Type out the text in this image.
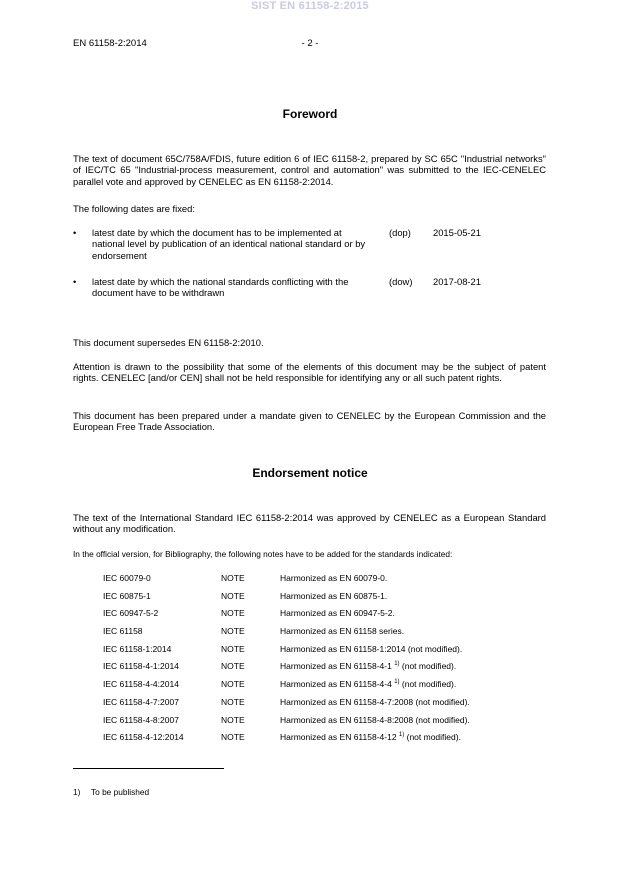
SIST EN 61158-2:2015
EN 61158-2:2014	- 2 -
Foreword
The text of document 65C/758A/FDIS, future edition 6 of IEC 61158-2, prepared by SC 65C "Industrial networks" of IEC/TC 65 "Industrial-process measurement, control and automation" was submitted to the IEC-CENELEC parallel vote and approved by CENELEC as EN 61158-2:2014.
The following dates are fixed:
• latest date by which the document has to be implemented at national level by publication of an identical national standard or by endorsement
(dop) 2015-05-21
• latest date by which the national standards conflicting with the document have to be withdrawn
(dow) 2017-08-21
This document supersedes EN 61158-2:2010.
Attention is drawn to the possibility that some of the elements of this document may be the subject of patent rights. CENELEC [and/or CEN] shall not be held responsible for identifying any or all such patent rights.
This document has been prepared under a mandate given to CENELEC by the European Commission and the European Free Trade Association.
Endorsement notice
The text of the International Standard IEC 61158-2:2014 was approved by CENELEC as a European Standard without any modification.
In the official version, for Bibliography, the following notes have to be added for the standards indicated:
IEC 60079-0	NOTE	Harmonized as EN 60079-0.
IEC 60875-1	NOTE	Harmonized as EN 60875-1.
IEC 60947-5-2	NOTE	Harmonized as EN 60947-5-2.
IEC 61158	NOTE	Harmonized as EN 61158 series.
IEC 61158-1:2014	NOTE	Harmonized as EN 61158-1:2014 (not modified).
IEC 61158-4-1:2014	NOTE	Harmonized as EN 61158-4-1 $^{1)}$ (not modified).
IEC 61158-4-4:2014	NOTE	Harmonized as EN 61158-4-4 $^{1)}$ (not modified).
IEC 61158-4-7:2007	NOTE	Harmonized as EN 61158-4-7:2008 (not modified).
IEC 61158-4-8:2007	NOTE	Harmonized as EN 61158-4-8:2008 (not modified).
IEC 61158-4-12:2014	NOTE	Harmonized as EN 61158-4-12 $^{1)}$ (not modified).
1) To be published
